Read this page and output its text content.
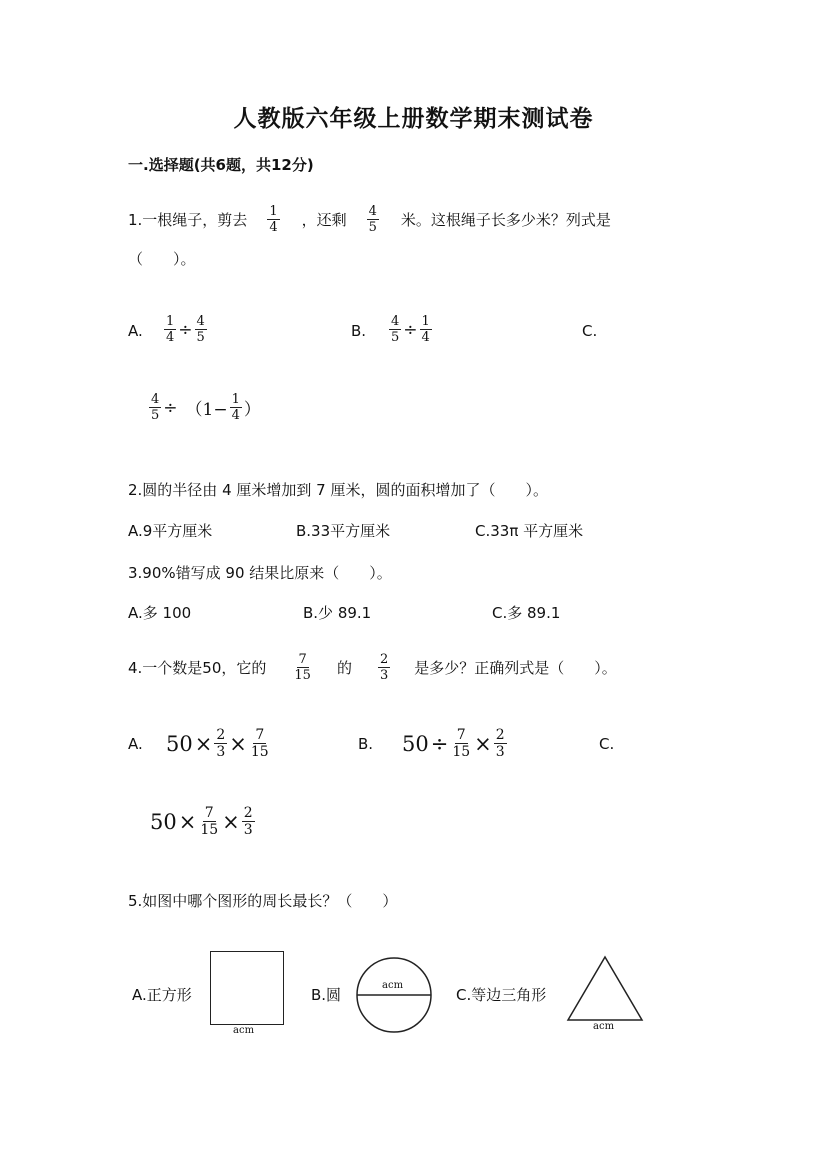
人教版六年级上册数学期末测试卷
一.选择题(共6题，共12分)
1.一根绳子，剪去 $\frac{1}{4}$ ，还剩 $\frac{4}{5}$ 米。这根绳子长多少米？列式是
（　　）。
A. $\frac{1}{4} \div \frac{4}{5}$	B. $\frac{4}{5} \div \frac{1}{4}$	C.
$\frac{4}{5} \div (1- \frac{1}{4}$ ）
2.圆的半径由 4 厘米增加到 7 厘米，圆的面积增加了（　　）。
A.9平方厘米	B.33平方厘米	C.33π 平方厘米
3.90%错写成 90 结果比原来（　　）。
A.多 100	B.少 89.1	C.多 89.1
4.一个数是50，它的 $\frac{7}{15}$ 的 $\frac{2}{3}$ 是多少？正确列式是（　　）。
A. $50 \times \frac{2}{3} \times \frac{7}{15}$	B. $50 \div \frac{7}{15} \times \frac{2}{3}$	C.
$50 \times \frac{7}{15} \times \frac{2}{3}$
5.如图中哪个图形的周长最长？（　　）
A.正方形
acm
B.圆
acm
C.等边三角形
acm
